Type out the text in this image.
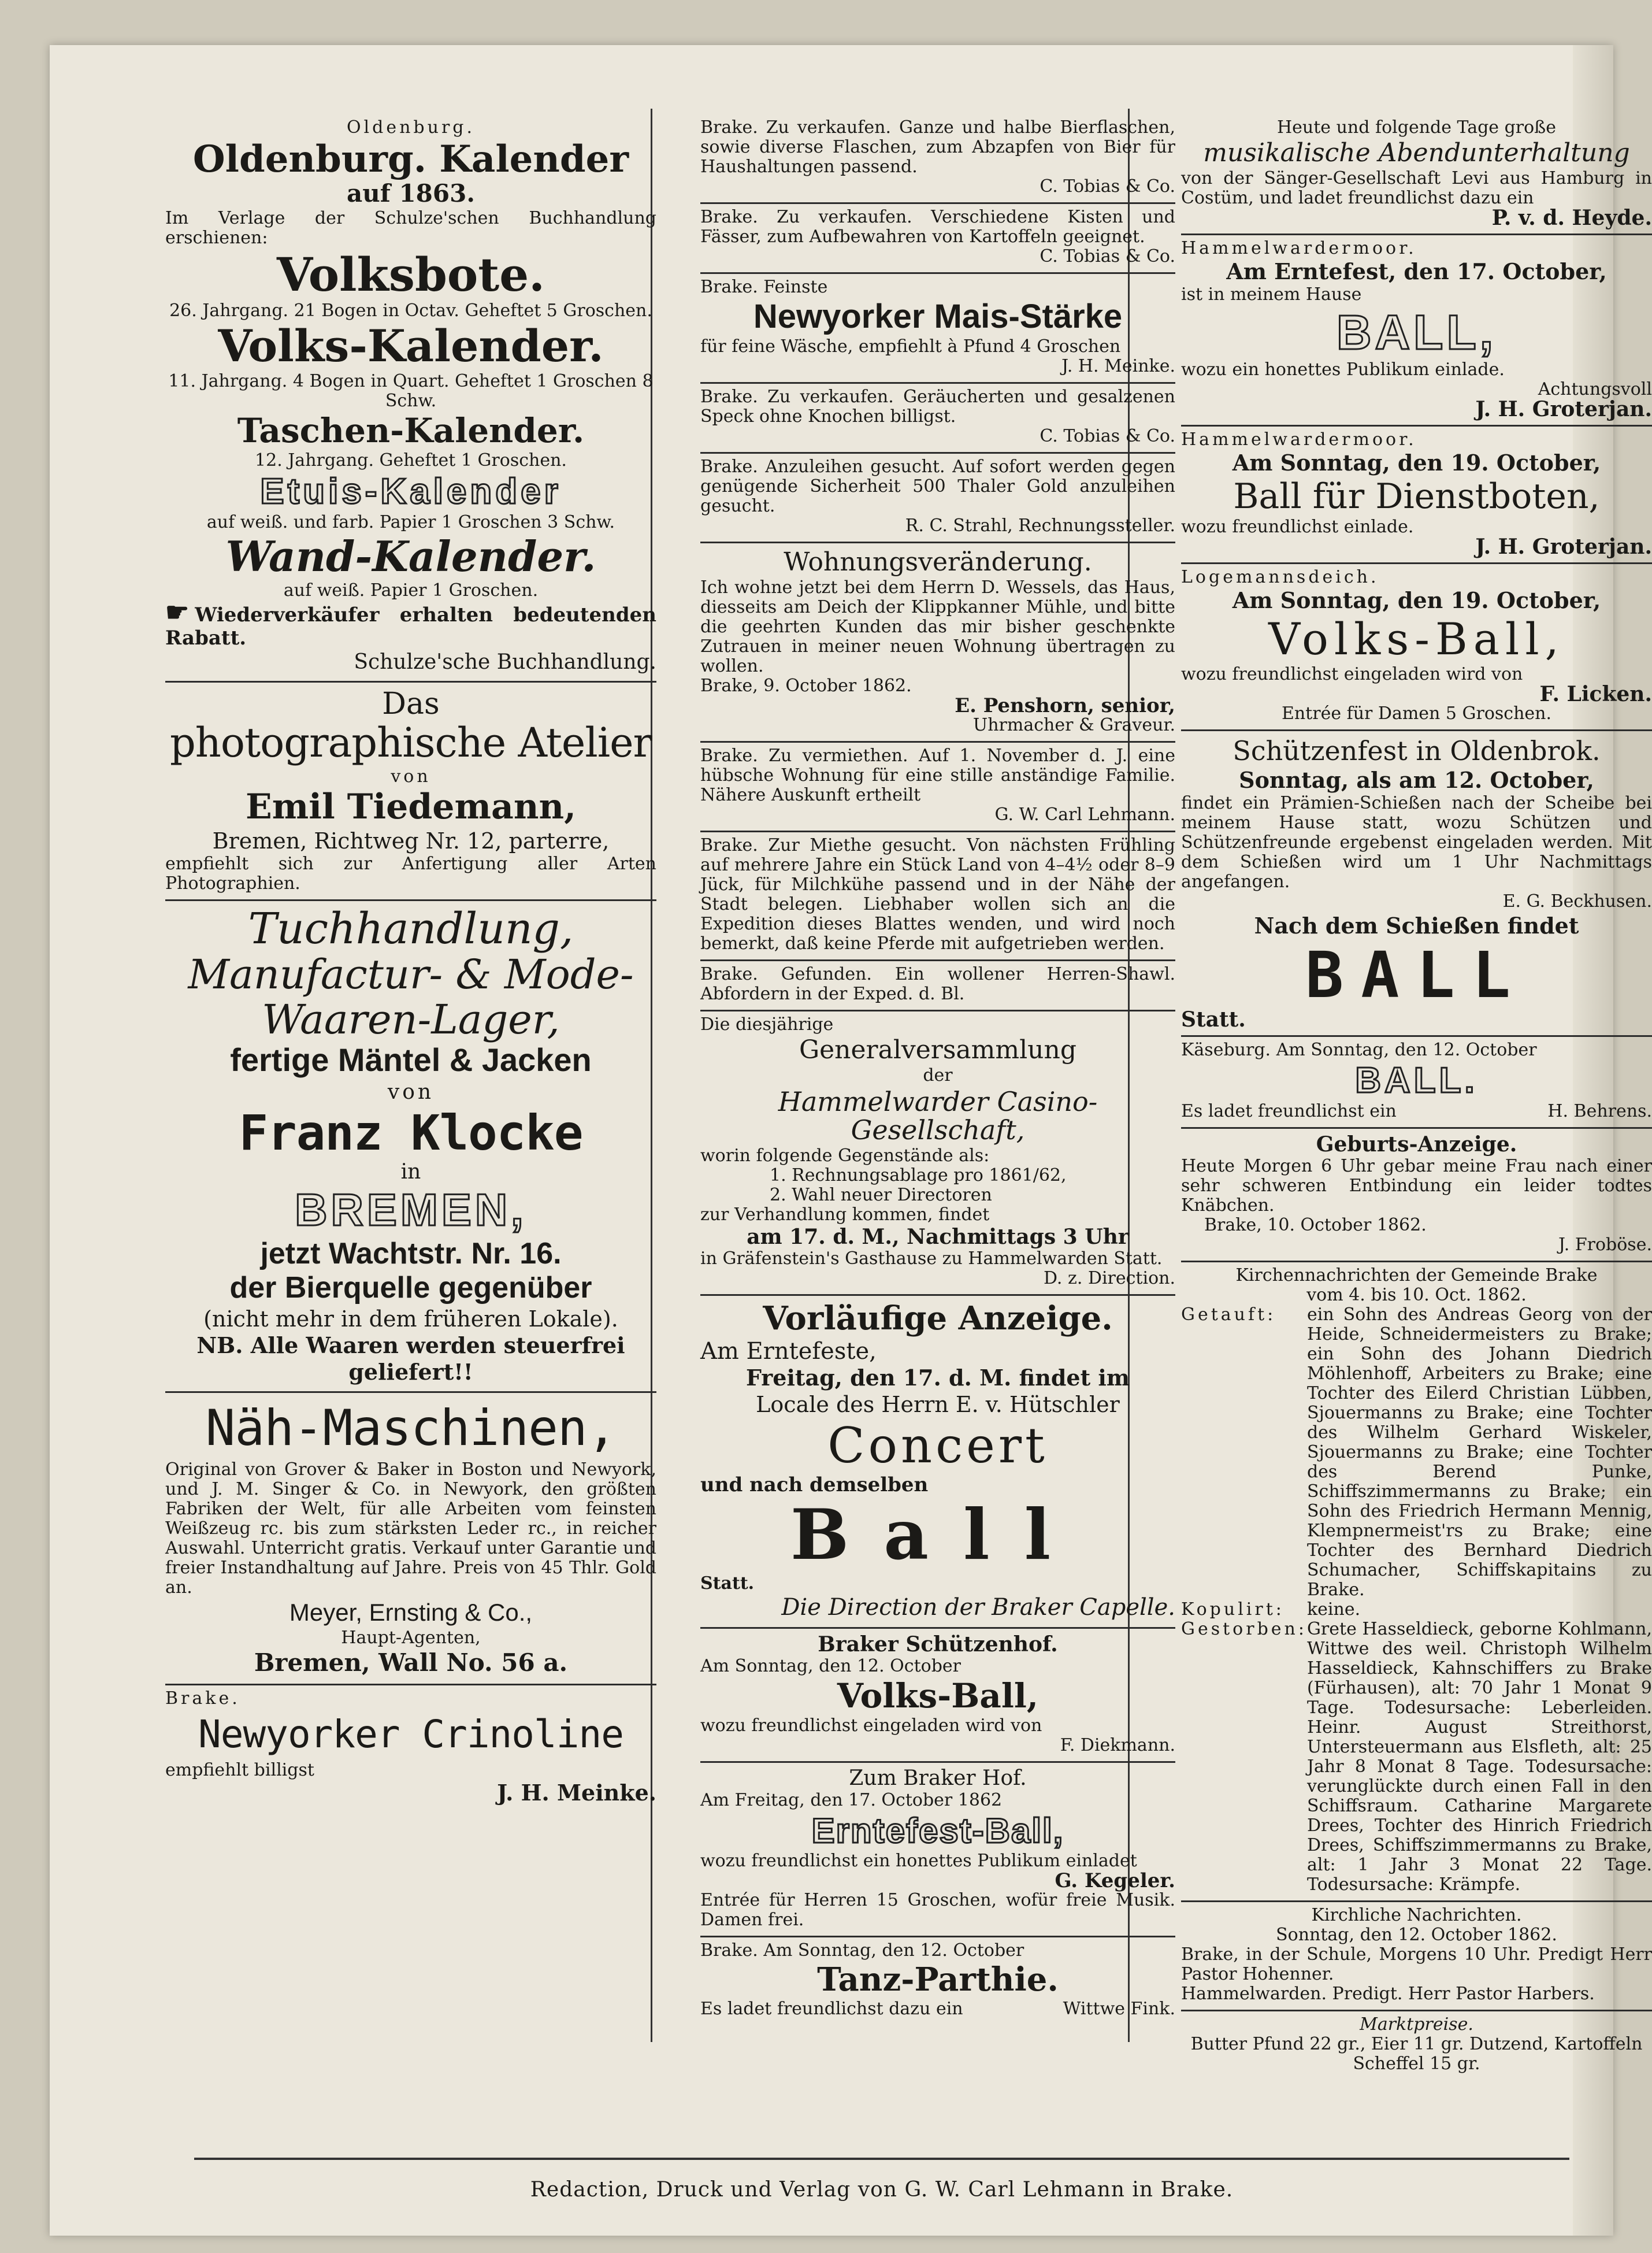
Oldenburg.

Oldenburg. Kalender
auf 1863.

Im Verlage der Schulze'schen Buchhandlung erschienen:

Volksbote.

26. Jahrgang. 21 Bogen in Octav. Geheftet 5 Groschen.

Volks-Kalender.

11. Jahrgang. 4 Bogen in Quart. Geheftet 1 Groschen 8 Schw.

Taschen-Kalender.

12. Jahrgang. Geheftet 1 Groschen.

Etuis-Kalender

auf weiß. und farb. Papier 1 Groschen 3 Schw.

Wand-Kalender.

auf weiß. Papier 1 Groschen.

☛ Wiederverkäufer erhalten bedeutenden Rabatt.

Schulze'sche Buchhandlung.

Das
photographische Atelier

von

Emil Tiedemann,

Bremen, Richtweg Nr. 12, parterre,

empfiehlt sich zur Anfertigung aller Arten Photographien.

Tuchhandlung,
Manufactur- & Mode-
Waaren-Lager,
fertige Mäntel & Jacken

von

Franz Klocke

in

BREMEN,
jetzt Wachtstr. Nr. 16.
der Bierquelle gegenüber

(nicht mehr in dem früheren Lokale).

NB. Alle Waaren werden steuerfrei geliefert!!

Näh-Maschinen,

Original von Grover & Baker in Boston und Newyork, und J. M. Singer & Co. in Newyork, den größten Fabriken der Welt, für alle Arbeiten vom feinsten Weißzeug rc. bis zum stärksten Leder rc., in reicher Auswahl. Unterricht gratis. Verkauf unter Garantie und freier Instandhaltung auf Jahre. Preis von 45 Thlr. Gold an.

Meyer, Ernsting & Co.,

Haupt-Agenten,

Bremen, Wall No. 56 a.

Brake.

Newyorker Crinoline

empfiehlt billigst

J. H. Meinke.

Brake. Zu verkaufen. Ganze und halbe Bierflaschen, sowie diverse Flaschen, zum Abzapfen von Bier für Haushaltungen passend.

C. Tobias & Co.

Brake. Zu verkaufen. Verschiedene Kisten und Fässer, zum Aufbewahren von Kartoffeln geeignet.

C. Tobias & Co.

Brake. Feinste

Newyorker Mais-Stärke

für feine Wäsche, empfiehlt à Pfund 4 Groschen

J. H. Meinke.

Brake. Zu verkaufen. Geräucherten und gesalzenen Speck ohne Knochen billigst.

C. Tobias & Co.

Brake. Anzuleihen gesucht. Auf sofort werden gegen genügende Sicherheit 500 Thaler Gold anzuleihen gesucht.

R. C. Strahl, Rechnungssteller.

Wohnungsveränderung.

Ich wohne jetzt bei dem Herrn D. Wessels, das Haus, diesseits am Deich der Klippkanner Mühle, und bitte die geehrten Kunden das mir bisher geschenkte Zutrauen in meiner neuen Wohnung übertragen zu wollen.

Brake, 9. October 1862.

E. Penshorn, senior,

Uhrmacher & Graveur.

Brake. Zu vermiethen. Auf 1. November d. J. eine hübsche Wohnung für eine stille anständige Familie. Nähere Auskunft ertheilt

G. W. Carl Lehmann.

Brake. Zur Miethe gesucht. Von nächsten Frühling auf mehrere Jahre ein Stück Land von 4–4½ oder 8–9 Jück, für Milchkühe passend und in der Nähe der Stadt belegen. Liebhaber wollen sich an die Expedition dieses Blattes wenden, und wird noch bemerkt, daß keine Pferde mit aufgetrieben werden.

Brake. Gefunden. Ein wollener Herren-Shawl. Abfordern in der Exped. d. Bl.

Die diesjährige

Generalversammlung

der

Hammelwarder Casino-Gesellschaft,

worin folgende Gegenstände als:

1. Rechnungsablage pro 1861/62,

2. Wahl neuer Directoren

zur Verhandlung kommen, findet

am 17. d. M., Nachmittags 3 Uhr

in Gräfenstein's Gasthause zu Hammelwarden Statt.

D. z. Direction.

Vorläufige Anzeige.

Am Erntefeste,

Freitag, den 17. d. M. findet im

Locale des Herrn E. v. Hütschler

Concert

und nach demselben

Ball

Statt.

Die Direction der Braker Capelle.

Braker Schützenhof.

Am Sonntag, den 12. October

Volks-Ball,

wozu freundlichst eingeladen wird von

F. Diekmann.

Zum Braker Hof.

Am Freitag, den 17. October 1862

Erntefest-Ball,

wozu freundlichst ein honettes Publikum einladet

G. Kegeler.

Entrée für Herren 15 Groschen, wofür freie Musik. Damen frei.

Brake. Am Sonntag, den 12. October

Tanz-Parthie.
Es ladet freundlichst dazu ein	Wittwe Fink.

Heute und folgende Tage große

musikalische Abendunterhaltung

von der Sänger-Gesellschaft Levi aus Hamburg in Costüm, und ladet freundlichst dazu ein

P. v. d. Heyde.

Hammelwardermoor.

Am Erntefest, den 17. October,

ist in meinem Hause

BALL,

wozu ein honettes Publikum einlade.

Achtungsvoll

J. H. Groterjan.

Hammelwardermoor.

Am Sonntag, den 19. October,

Ball für Dienstboten,

wozu freundlichst einlade.

J. H. Groterjan.

Logemannsdeich.

Am Sonntag, den 19. October,

Volks-Ball,

wozu freundlichst eingeladen wird von

F. Licken.

Entrée für Damen 5 Groschen.

Schützenfest in Oldenbrok.

Sonntag, als am 12. October,

findet ein Prämien-Schießen nach der Scheibe bei meinem Hause statt, wozu Schützen und Schützenfreunde ergebenst eingeladen werden. Mit dem Schießen wird um 1 Uhr Nachmittags angefangen.

E. G. Beckhusen.

Nach dem Schießen findet

BALL

Statt.

Käseburg. Am Sonntag, den 12. October

BALL.
Es ladet freundlichst ein	H. Behrens.

Geburts-Anzeige.

Heute Morgen 6 Uhr gebar meine Frau nach einer sehr schweren Entbindung ein leider todtes Knäbchen.

Brake, 10. October 1862.

J. Froböse.

Kirchennachrichten der Gemeinde Brake

vom 4. bis 10. Oct. 1862.

Getauft:	ein Sohn des Andreas Georg von der Heide, Schneidermeisters zu Brake; ein Sohn des Johann Diedrich Möhlenhoff, Arbeiters zu Brake; eine Tochter des Eilerd Christian Lübben, Sjouermanns zu Brake; eine Tochter des Wilhelm Gerhard Wiskeler, Sjouermanns zu Brake; eine Tochter des Berend Punke, Schiffszimmermanns zu Brake; ein Sohn des Friedrich Hermann Mennig, Klempnermeist'rs zu Brake; eine Tochter des Bernhard Diedrich Schumacher, Schiffskapitains zu Brake.
Kopulirt:	keine.
Gestorben:	Grete Hasseldieck, geborne Kohlmann, Wittwe des weil. Christoph Wilhelm Hasseldieck, Kahnschiffers zu Brake (Fürhausen), alt: 70 Jahr 1 Monat 9 Tage. Todesursache: Leberleiden. Heinr. August Streithorst, Untersteuermann aus Elsfleth, alt: 25 Jahr 8 Monat 8 Tage. Todesursache: verunglückte durch einen Fall in den Schiffsraum. Catharine Margarete Drees, Tochter des Hinrich Friedrich Drees, Schiffszimmermanns zu Brake, alt: 1 Jahr 3 Monat 22 Tage. Todesursache: Krämpfe.

Kirchliche Nachrichten.

Sonntag, den 12. October 1862.

Brake, in der Schule, Morgens 10 Uhr. Predigt Herr Pastor Hohenner.

Hammelwarden. Predigt. Herr Pastor Harbers.

Marktpreise.

Butter Pfund 22 gr., Eier 11 gr. Dutzend, Kartoffeln Scheffel 15 gr.

Redaction, Druck und Verlag von G. W. Carl Lehmann in Brake.
